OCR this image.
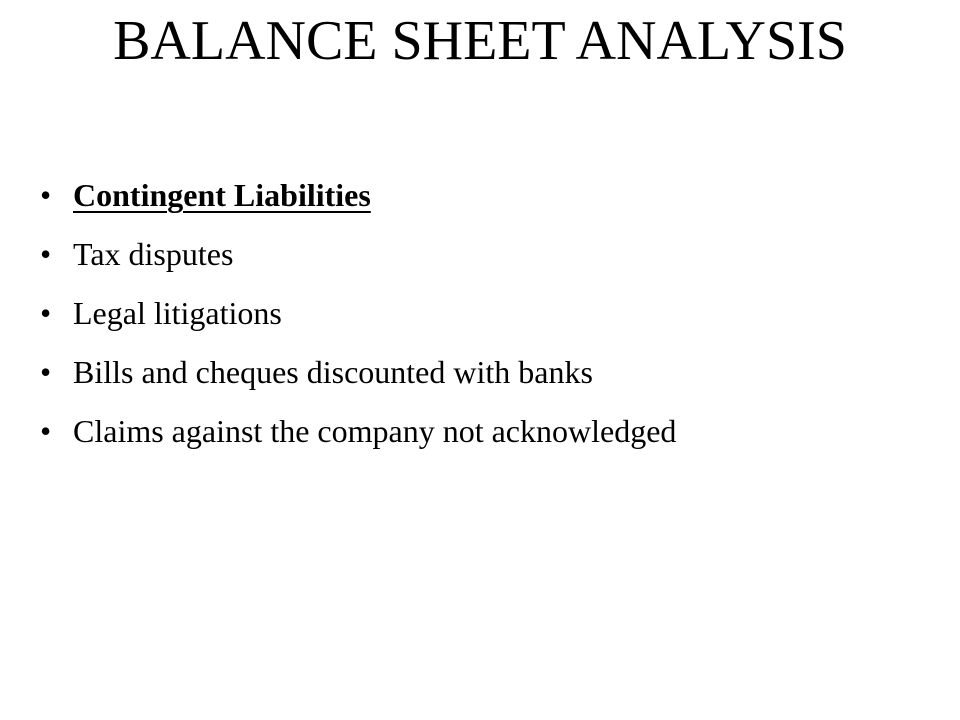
BALANCE SHEET ANALYSIS
• Contingent Liabilities
• Tax disputes
• Legal litigations
• Bills and cheques discounted with banks
• Claims against the company not acknowledged
